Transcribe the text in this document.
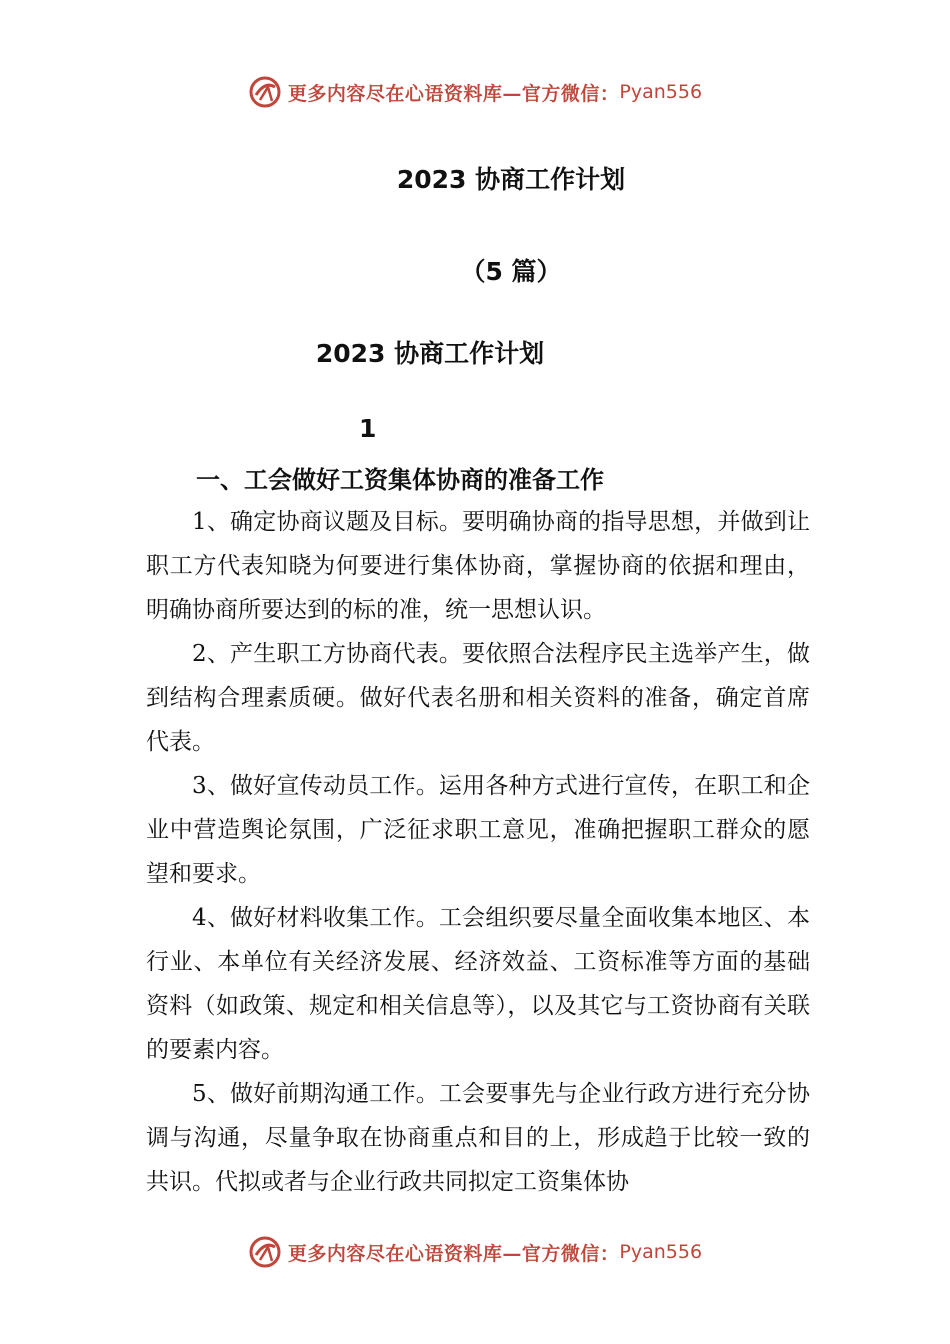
更多内容尽在心语资料库—官方微信： Pyan556
2023 协商工作计划
（5 篇）
2023 协商工作计划
1
一、工会做好工资集体协商的准备工作

1、确定协商议题及目标。要明确协商的指导思想，并做到让职工方代表知晓为何要进行集体协商，掌握协商的依据和理由，明确协商所要达到的标的准，统一思想认识。

2、产生职工方协商代表。要依照合法程序民主选举产生，做到结构合理素质硬。做好代表名册和相关资料的准备，确定首席代表。

3、做好宣传动员工作。运用各种方式进行宣传，在职工和企业中营造舆论氛围，广泛征求职工意见，准确把握职工群众的愿望和要求。

4、做好材料收集工作。工会组织要尽量全面收集本地区、本行业、本单位有关经济发展、经济效益、工资标准等方面的基础资料（如政策、规定和相关信息等），以及其它与工资协商有关联的要素内容。

5、做好前期沟通工作。工会要事先与企业行政方进行充分协调与沟通，尽量争取在协商重点和目的上，形成趋于比较一致的共识。代拟或者与企业行政共同拟定工资集体协

更多内容尽在心语资料库—官方微信： Pyan556
